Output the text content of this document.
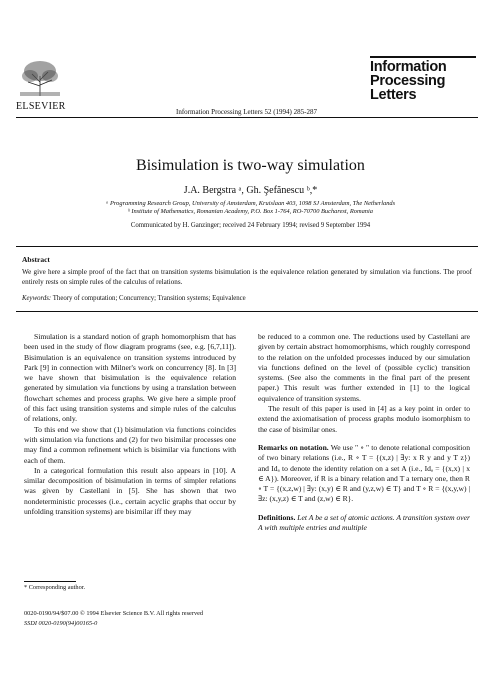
ELSEVIER	Information Processing Letters 52 (1994) 285-287
Information
Processing
Letters
Bisimulation is two-way simulation
J.A. Bergstra ᵃ, Gh. Şefănescu ᵇ,*
ᵃ Programming Research Group, University of Amsterdam, Kruislaan 403, 1098 SJ Amsterdam, The Netherlands
ᵇ Institute of Mathematics, Romanian Academy, P.O. Box 1-764, RO-70700 Bucharest, Romania
Communicated by H. Ganzinger; received 24 February 1994; revised 9 September 1994
Abstract
We give here a simple proof of the fact that on transition systems bisimulation is the equivalence relation generated by simulation via functions. The proof entirely rests on simple rules of the calculus of relations.
Keywords: Theory of computation; Concurrency; Transition systems; Equivalence

Simulation is a standard notion of graph homomorphism that has been used in the study of flow diagram programs (see, e.g. [6,7,11]). Bisimulation is an equivalence on transition systems introduced by Park [9] in connection with Milner's work on concurrency [8]. In [3] we have shown that bisimulation is the equivalence relation generated by simulation via functions by using a translation between flowchart schemes and process graphs. We give here a simple proof of this fact using transition systems and simple rules of the calculus of relations, only.

To this end we show that (1) bisimulation via functions coincides with simulation via functions and (2) for two bisimilar processes one may find a common refinement which is bisimilar via functions with each of them.

In a categorical formulation this result also appears in [10]. A similar decomposition of bisimulation in terms of simpler relations was given by Castellani in [5]. She has shown that two nondeterministic processes (i.e., certain acyclic graphs that occur by unfolding transition systems) are bisimilar iff they may

be reduced to a common one. The reductions used by Castellani are given by certain abstract homomorphisms, which roughly correspond to the relation on the unfolded processes induced by our simulation via functions defined on the level of (possible cyclic) transition systems. (See also the comments in the final part of the present paper.) This result was further extended in [1] to the logical equivalence of transition systems.

The result of this paper is used in [4] as a key point in order to extend the axiomatisation of process graphs modulo isomorphism to the case of bisimilar ones.

Remarks on notation. We use " ∘ " to denote relational composition of two binary relations (i.e., R ∘ T = {(x,z) | ∃y: x R y and y T z}) and Idₐ to denote the identity relation on a set A (i.e., Idₐ = {(x,x) | x ∈ A}). Moreover, if R is a binary relation and T a ternary one, then R ∘ T = {(x,z,w) | ∃y: (x,y) ∈ R and (y,z,w) ∈ T} and T ∘ R = {(x,y,w) | ∃z: (x,y,z) ∈ T and (z,w) ∈ R}.

Definitions. Let A be a set of atomic actions. A transition system over A with multiple entries and multiple

* Corresponding author.
0020-0190/94/$07.00 © 1994 Elsevier Science B.V. All rights reserved
SSDI 0020-0190(94)00165-0
